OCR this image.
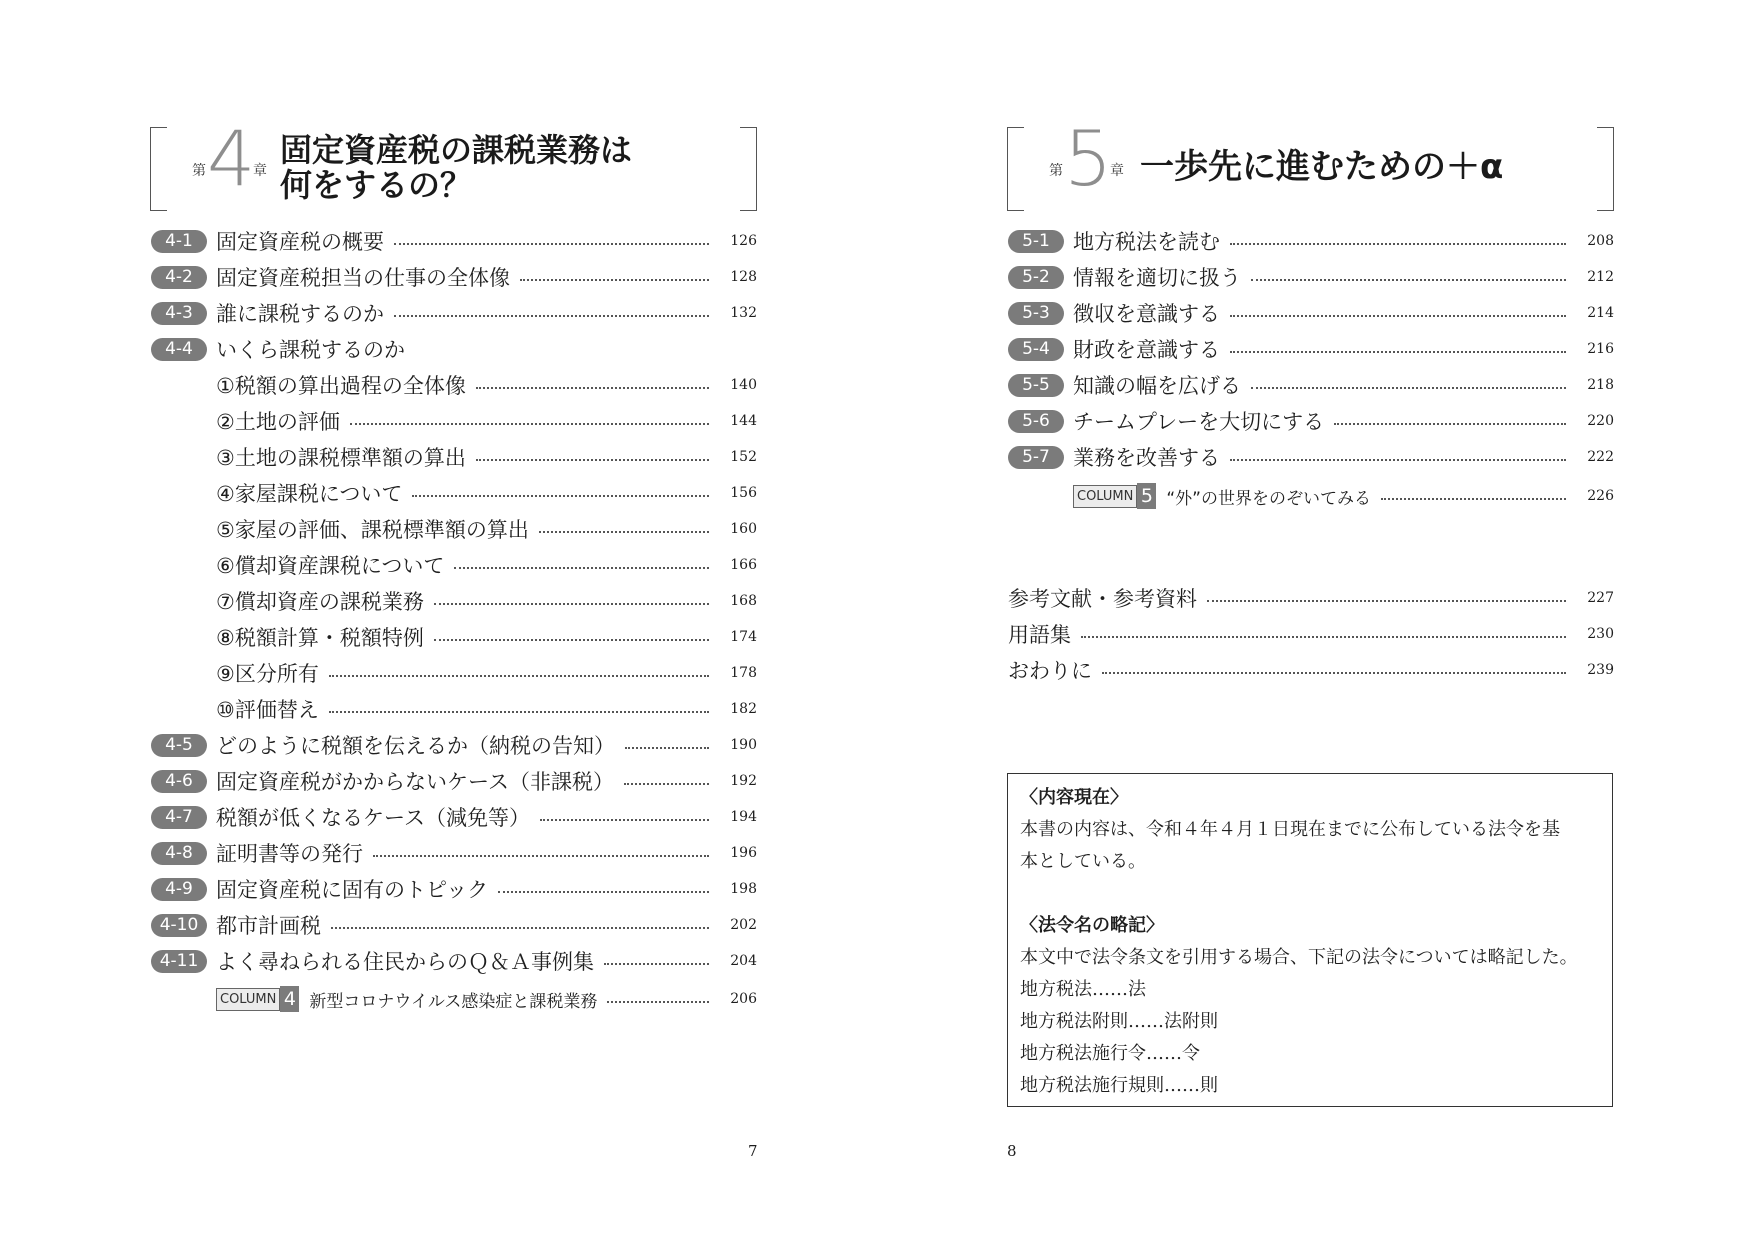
第 4
章
固定資産税の課税業務は
何をするの？
4-1	固定資産税の概要	126
4-2	固定資産税担当の仕事の全体像	128
4-3	誰に課税するのか	132
4-4	いくら課税するのか
①税額の算出過程の全体像	140
②土地の評価	144
③土地の課税標準額の算出	152
④家屋課税について	156
⑤家屋の評価、課税標準額の算出	160
⑥償却資産課税について	166
⑦償却資産の課税業務	168
⑧税額計算・税額特例	174
⑨区分所有	178
⑩評価替え	182
4-5	どのように税額を伝えるか（納税の告知）	190
4-6	固定資産税がかからないケース（非課税）	192
4-7	税額が低くなるケース（減免等）	194
4-8	証明書等の発行	196
4-9	固定資産税に固有のトピック	198
4-10 都市計画税	202
4-11 よく尋ねられる住民からのＱ＆Ａ事例集	204
COLUMN 4 新型コロナウイルス感染症と課税業務	206
7
第 5
章 一歩先に進むための＋α
5-1	地方税法を読む	208
5-2	情報を適切に扱う	212
5-3	徴収を意識する	214
5-4	財政を意識する	216
5-5	知識の幅を広げる	218
5-6	チームプレーを大切にする	220
5-7	業務を改善する	222
COLUMN 5 “外”の世界をのぞいてみる	226
参考文献・参考資料	227
用語集	230
おわりに	239
〈内容現在〉
本書の内容は、令和４年４月１日現在までに公布している法令を基
本としている。
〈法令名の略記〉
本文中で法令条文を引用する場合、下記の法令については略記した。
地方税法……法
地方税法附則……法附則
地方税法施行令……令
地方税法施行規則……則
8
